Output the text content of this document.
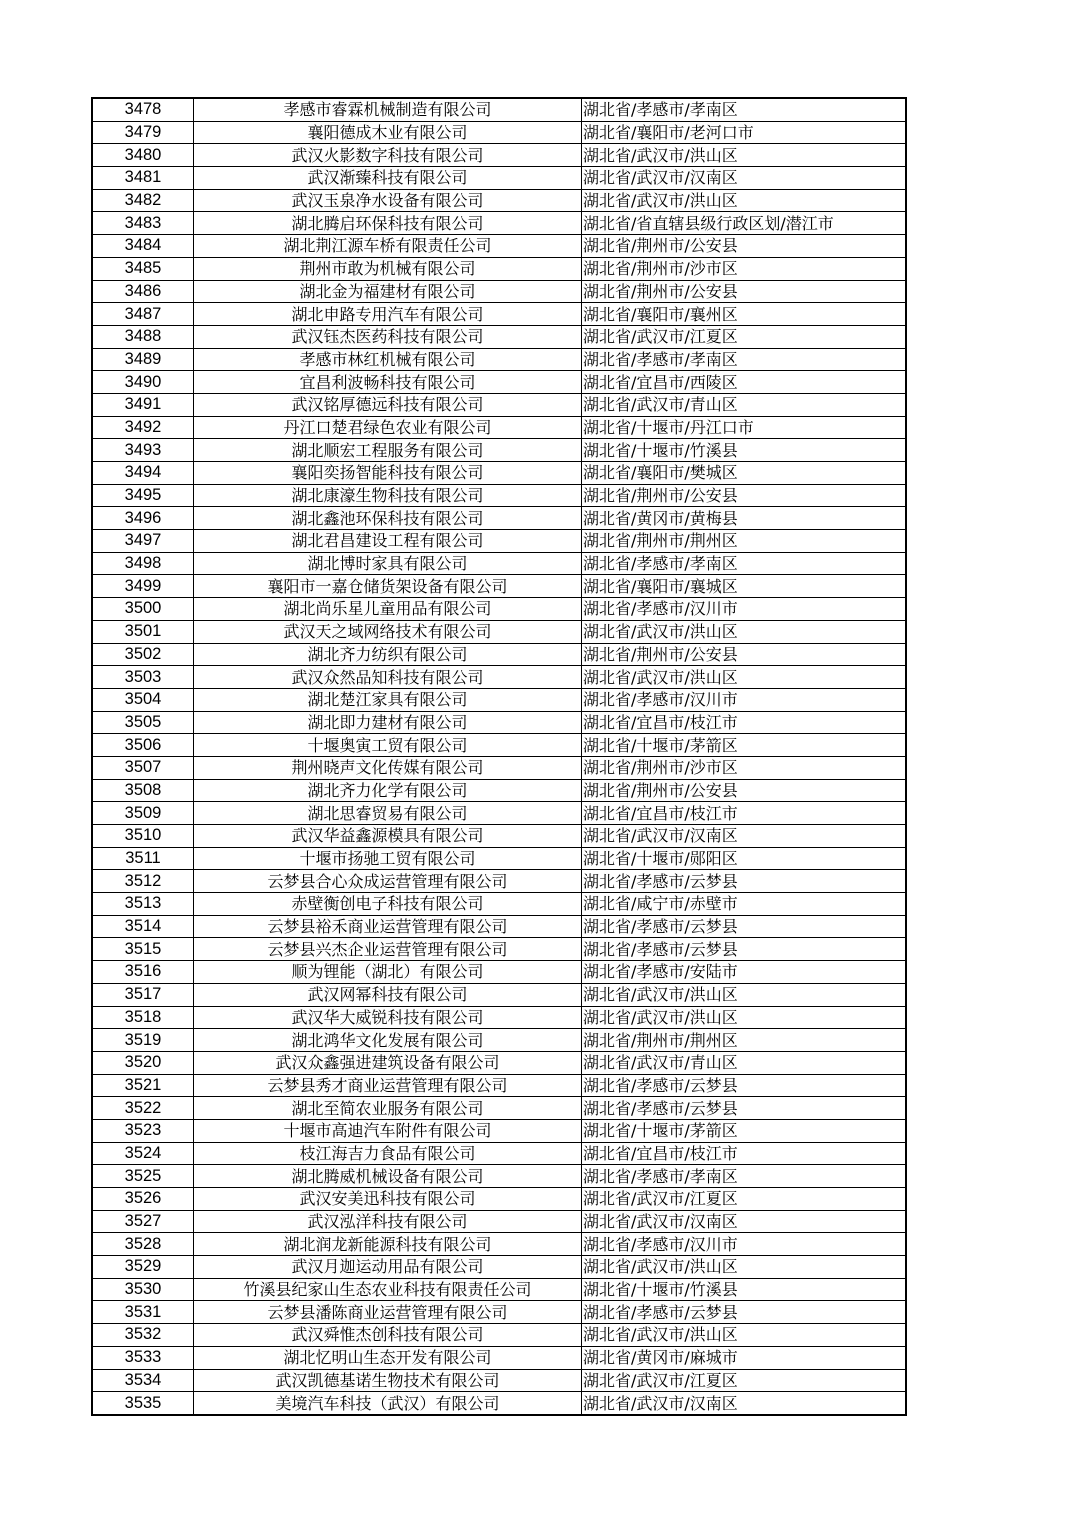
3478	孝感市睿霖机械制造有限公司	湖北省/孝感市/孝南区
3479	襄阳德成木业有限公司	湖北省/襄阳市/老河口市
3480	武汉火影数字科技有限公司	湖北省/武汉市/洪山区
3481	武汉渐臻科技有限公司	湖北省/武汉市/汉南区
3482	武汉玉泉净水设备有限公司	湖北省/武汉市/洪山区
3483	湖北腾启环保科技有限公司	湖北省/省直辖县级行政区划/潜江市
3484	湖北荆江源车桥有限责任公司	湖北省/荆州市/公安县
3485	荆州市敢为机械有限公司	湖北省/荆州市/沙市区
3486	湖北金为福建材有限公司	湖北省/荆州市/公安县
3487	湖北申路专用汽车有限公司	湖北省/襄阳市/襄州区
3488	武汉钰杰医药科技有限公司	湖北省/武汉市/江夏区
3489	孝感市林红机械有限公司	湖北省/孝感市/孝南区
3490	宜昌利波畅科技有限公司	湖北省/宜昌市/西陵区
3491	武汉铭厚德远科技有限公司	湖北省/武汉市/青山区
3492	丹江口楚君绿色农业有限公司	湖北省/十堰市/丹江口市
3493	湖北顺宏工程服务有限公司	湖北省/十堰市/竹溪县
3494	襄阳奕扬智能科技有限公司	湖北省/襄阳市/樊城区
3495	湖北康濠生物科技有限公司	湖北省/荆州市/公安县
3496	湖北鑫池环保科技有限公司	湖北省/黄冈市/黄梅县
3497	湖北君昌建设工程有限公司	湖北省/荆州市/荆州区
3498	湖北博时家具有限公司	湖北省/孝感市/孝南区
3499	襄阳市一嘉仓储货架设备有限公司	湖北省/襄阳市/襄城区
3500	湖北尚乐星儿童用品有限公司	湖北省/孝感市/汉川市
3501	武汉天之域网络技术有限公司	湖北省/武汉市/洪山区
3502	湖北齐力纺织有限公司	湖北省/荆州市/公安县
3503	武汉众然品知科技有限公司	湖北省/武汉市/洪山区
3504	湖北楚江家具有限公司	湖北省/孝感市/汉川市
3505	湖北即力建材有限公司	湖北省/宜昌市/枝江市
3506	十堰奥寅工贸有限公司	湖北省/十堰市/茅箭区
3507	荆州晓声文化传媒有限公司	湖北省/荆州市/沙市区
3508	湖北齐力化学有限公司	湖北省/荆州市/公安县
3509	湖北思睿贸易有限公司	湖北省/宜昌市/枝江市
3510	武汉华益鑫源模具有限公司	湖北省/武汉市/汉南区
3511	十堰市扬驰工贸有限公司	湖北省/十堰市/郧阳区
3512	云梦县合心众成运营管理有限公司	湖北省/孝感市/云梦县
3513	赤壁衡创电子科技有限公司	湖北省/咸宁市/赤壁市
3514	云梦县裕禾商业运营管理有限公司	湖北省/孝感市/云梦县
3515	云梦县兴杰企业运营管理有限公司	湖北省/孝感市/云梦县
3516	顺为锂能（湖北）有限公司	湖北省/孝感市/安陆市
3517	武汉网幂科技有限公司	湖北省/武汉市/洪山区
3518	武汉华大威锐科技有限公司	湖北省/武汉市/洪山区
3519	湖北鸿华文化发展有限公司	湖北省/荆州市/荆州区
3520	武汉众鑫强进建筑设备有限公司	湖北省/武汉市/青山区
3521	云梦县秀才商业运营管理有限公司	湖北省/孝感市/云梦县
3522	湖北至简农业服务有限公司	湖北省/孝感市/云梦县
3523	十堰市高迪汽车附件有限公司	湖北省/十堰市/茅箭区
3524	枝江海吉力食品有限公司	湖北省/宜昌市/枝江市
3525	湖北腾威机械设备有限公司	湖北省/孝感市/孝南区
3526	武汉安美迅科技有限公司	湖北省/武汉市/江夏区
3527	武汉泓洋科技有限公司	湖北省/武汉市/汉南区
3528	湖北润龙新能源科技有限公司	湖北省/孝感市/汉川市
3529	武汉月迦运动用品有限公司	湖北省/武汉市/洪山区
3530	竹溪县纪家山生态农业科技有限责任公司	湖北省/十堰市/竹溪县
3531	云梦县潘陈商业运营管理有限公司	湖北省/孝感市/云梦县
3532	武汉舜惟杰创科技有限公司	湖北省/武汉市/洪山区
3533	湖北忆明山生态开发有限公司	湖北省/黄冈市/麻城市
3534	武汉凯德基诺生物技术有限公司	湖北省/武汉市/江夏区
3535	美境汽车科技（武汉）有限公司	湖北省/武汉市/汉南区
